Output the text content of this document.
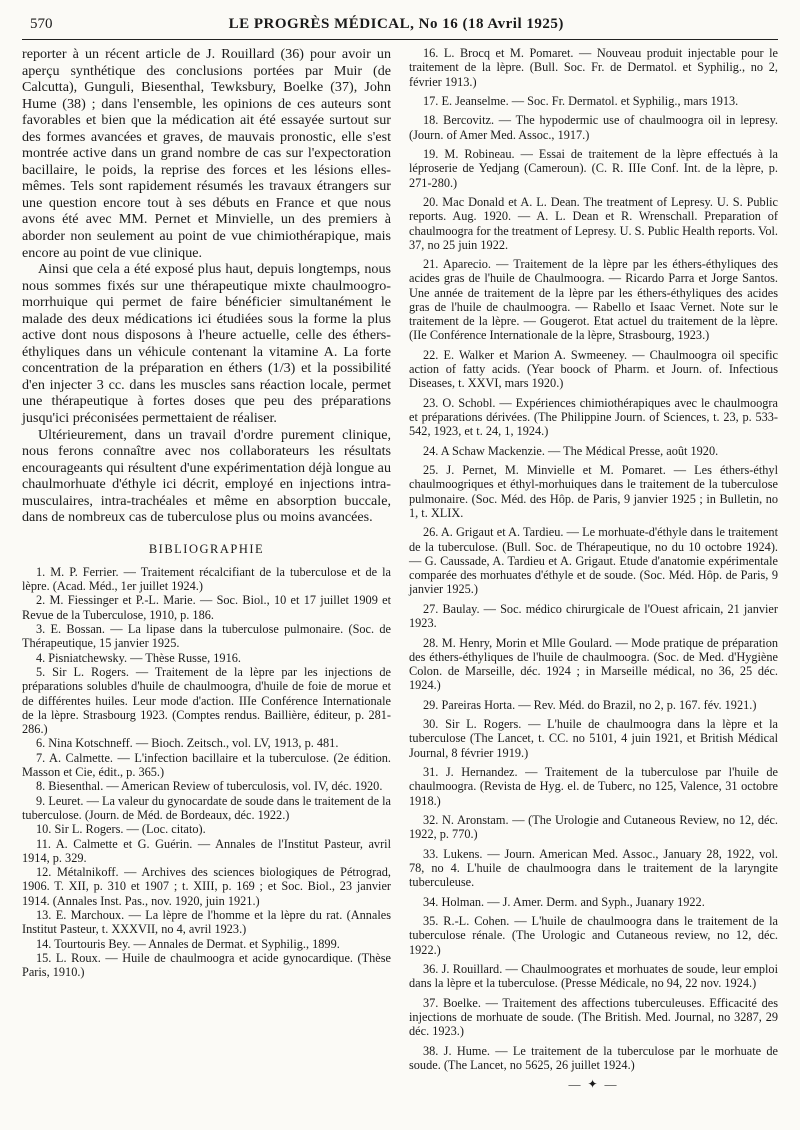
570	LE PROGRÈS MÉDICAL, No 16 (18 Avril 1925)

reporter à un récent article de J. Rouillard (36) pour avoir un aperçu synthétique des conclusions portées par Muir (de Calcutta), Gunguli, Biesenthal, Tewksbury, Boelke (37), John Hume (38) ; dans l'ensemble, les opinions de ces auteurs sont favorables et bien que la médication ait été essayée surtout sur des formes avancées et graves, de mauvais pronostic, elle s'est montrée active dans un grand nombre de cas sur l'expectoration bacillaire, le poids, la reprise des forces et les lésions elles-mêmes. Tels sont rapidement résumés les travaux étrangers sur une question encore tout à ses débuts en France et que nous avons été avec MM. Pernet et Minvielle, un des premiers à aborder non seulement au point de vue chimiothérapique, mais encore au point de vue clinique.

Ainsi que cela a été exposé plus haut, depuis longtemps, nous nous sommes fixés sur une thérapeutique mixte chaulmoogro-morrhuique qui permet de faire bénéficier simultanément le malade des deux médications ici étudiées sous la forme la plus active dont nous disposons à l'heure actuelle, celle des éthers-éthyliques dans un véhicule contenant la vitamine A. La forte concentration de la préparation en éthers (1/3) et la possibilité d'en injecter 3 cc. dans les muscles sans réaction locale, permet une thérapeutique à fortes doses que peu des préparations jusqu'ici préconisées permettaient de réaliser.

Ultérieurement, dans un travail d'ordre purement clinique, nous ferons connaître avec nos collaborateurs les résultats encourageants qui résultent d'une expérimentation déjà longue au chaulmorhuate d'éthyle ici décrit, employé en injections intra-musculaires, intra-trachéales et même en absorption buccale, dans de nombreux cas de tuberculose plus ou moins avancées.

BIBLIOGRAPHIE

1. M. P. Ferrier. — Traitement récalcifiant de la tuberculose et de la lèpre. (Acad. Méd., 1er juillet 1924.)

2. M. Fiessinger et P.-L. Marie. — Soc. Biol., 10 et 17 juillet 1909 et Revue de la Tuberculose, 1910, p. 186.

3. E. Bossan. — La lipase dans la tuberculose pulmonaire. (Soc. de Thérapeutique, 15 janvier 1925.

4. Pisniatchewsky. — Thèse Russe, 1916.

5. Sir L. Rogers. — Traitement de la lèpre par les injections de préparations solubles d'huile de chaulmoogra, d'huile de foie de morue et de différentes huiles. Leur mode d'action. IIIe Conférence Internationale de la lèpre. Strasbourg 1923. (Comptes rendus. Baillière, éditeur, p. 281-286.)

6. Nina Kotschneff. — Bioch. Zeitsch., vol. LV, 1913, p. 481.

7. A. Calmette. — L'infection bacillaire et la tuberculose. (2e édition. Masson et Cie, édit., p. 365.)

8. Biesenthal. — American Review of tuberculosis, vol. IV, déc. 1920.

9. Leuret. — La valeur du gynocardate de soude dans le traitement de la tuberculose. (Journ. de Méd. de Bordeaux, déc. 1922.)

10. Sir L. Rogers. — (Loc. citato).

11. A. Calmette et G. Guérin. — Annales de l'Institut Pasteur, avril 1914, p. 329.

12. Métalnikoff. — Archives des sciences biologiques de Pétrograd, 1906. T. XII, p. 310 et 1907 ; t. XIII, p. 169 ; et Soc. Biol., 23 janvier 1914. (Annales Inst. Pas., nov. 1920, juin 1921.)

13. E. Marchoux. — La lèpre de l'homme et la lèpre du rat. (Annales Institut Pasteur, t. XXXVII, no 4, avril 1923.)

14. Tourtouris Bey. — Annales de Dermat. et Syphilig., 1899.

15. L. Roux. — Huile de chaulmoogra et acide gynocardique. (Thèse Paris, 1910.)

16. L. Brocq et M. Pomaret. — Nouveau produit injectable pour le traitement de la lèpre. (Bull. Soc. Fr. de Dermatol. et Syphilig., no 2, février 1913.)

17. E. Jeanselme. — Soc. Fr. Dermatol. et Syphilig., mars 1913.

18. Bercovitz. — The hypodermic use of chaulmoogra oil in lepresy. (Journ. of Amer Med. Assoc., 1917.)

19. M. Robineau. — Essai de traitement de la lèpre effectués à la léproserie de Yedjang (Cameroun). (C. R. IIIe Conf. Int. de la lèpre, p. 271-280.)

20. Mac Donald et A. L. Dean. The treatment of Lepresy. U. S. Public reports. Aug. 1920. — A. L. Dean et R. Wrenschall. Preparation of chaulmoogra for the treatment of Lepresy. U. S. Public Health reports. Vol. 37, no 25 juin 1922.

21. Aparecio. — Traitement de la lèpre par les éthers-éthyliques des acides gras de l'huile de Chaulmoogra. — Ricardo Parra et Jorge Santos. Une année de traitement de la lèpre par les éthers-éthyliques des acides gras de l'huile de chaulmoogra. — Rabello et Isaac Vernet. Note sur le traitement de la lèpre. — Gougerot. Etat actuel du traitement de la lèpre. (IIe Conférence Internationale de la lèpre, Strasbourg, 1923.)

22. E. Walker et Marion A. Swmeeney. — Chaulmoogra oil specific action of fatty acids. (Year boock of Pharm. et Journ. of. Infectious Diseases, t. XXVI, mars 1920.)

23. O. Schobl. — Expériences chimiothérapiques avec le chaulmoogra et préparations dérivées. (The Philippine Journ. of Sciences, t. 23, p. 533-542, 1923, et t. 24, 1, 1924.)

24. A Schaw Mackenzie. — The Médical Presse, août 1920.

25. J. Pernet, M. Minvielle et M. Pomaret. — Les éthers-éthyl chaulmoogriques et éthyl-morhuiques dans le traitement de la tuberculose pulmonaire. (Soc. Méd. des Hôp. de Paris, 9 janvier 1925 ; in Bulletin, no 1, t. XLIX.

26. A. Grigaut et A. Tardieu. — Le morhuate-d'éthyle dans le traitement de la tuberculose. (Bull. Soc. de Thérapeutique, no du 10 octobre 1924). — G. Caussade, A. Tardieu et A. Grigaut. Etude d'anatomie expérimentale comparée des morhuates d'éthyle et de soude. (Soc. Méd. Hôp. de Paris, 9 janvier 1925.)

27. Baulay. — Soc. médico chirurgicale de l'Ouest africain, 21 janvier 1923.

28. M. Henry, Morin et Mlle Goulard. — Mode pratique de préparation des éthers-éthyliques de l'huile de chaulmoogra. (Soc. de Med. d'Hygiène Colon. de Marseille, déc. 1924 ; in Marseille médical, no 36, 25 déc. 1924.)

29. Pareiras Horta. — Rev. Méd. do Brazil, no 2, p. 167. fév. 1921.)

30. Sir L. Rogers. — L'huile de chaulmoogra dans la lèpre et la tuberculose (The Lancet, t. CC. no 5101, 4 juin 1921, et British Médical Journal, 8 février 1919.)

31. J. Hernandez. — Traitement de la tuberculose par l'huile de chaulmoogra. (Revista de Hyg. el. de Tuberc, no 125, Valence, 31 octobre 1918.)

32. N. Aronstam. — (The Urologie and Cutaneous Review, no 12, déc. 1922, p. 770.)

33. Lukens. — Journ. American Med. Assoc., January 28, 1922, vol. 78, no 4. L'huile de chaulmoogra dans le traitement de la laryngite tuberculeuse.

34. Holman. — J. Amer. Derm. and Syph., Juanary 1922.

35. R.-L. Cohen. — L'huile de chaulmoogra dans le traitement de la tuberculose rénale. (The Urologic and Cutaneous review, no 12, déc. 1922.)

36. J. Rouillard. — Chaulmoogrates et morhuates de soude, leur emploi dans la lèpre et la tuberculose. (Presse Médicale, no 94, 22 nov. 1924.)

37. Boelke. — Traitement des affections tuberculeuses. Efficacité des injections de morhuate de soude. (The British. Med. Journal, no 3287, 29 déc. 1923.)

38. J. Hume. — Le traitement de la tuberculose par le morhuate de soude. (The Lancet, no 5625, 26 juillet 1924.)

— ✦ —
